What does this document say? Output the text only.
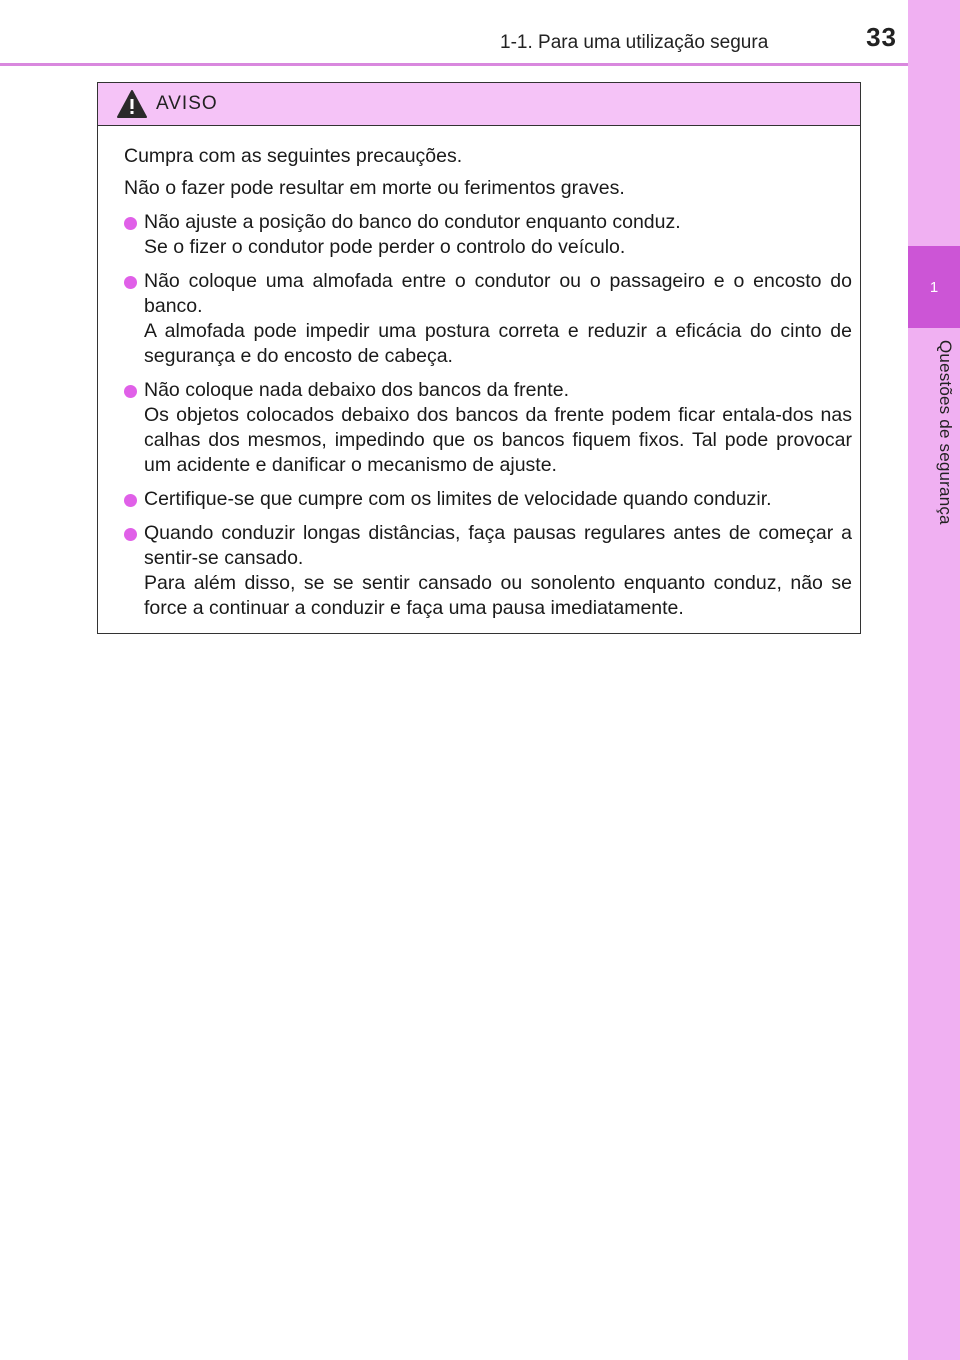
1
Questões de segurança
1-1. Para uma utilização segura	33
AVISO

Cumpra com as seguintes precauções.

Não o fazer pode resultar em morte ou ferimentos graves.

Não ajuste a posição do banco do condutor enquanto conduz.
Se o fizer o condutor pode perder o controlo do veículo.
Não coloque uma almofada entre o condutor ou o passageiro e o encosto do banco.
A almofada pode impedir uma postura correta e reduzir a eficácia do cinto de segurança e do encosto de cabeça.
Não coloque nada debaixo dos bancos da frente.
Os objetos colocados debaixo dos bancos da frente podem ficar entala-dos nas calhas dos mesmos, impedindo que os bancos fiquem fixos. Tal pode provocar um acidente e danificar o mecanismo de ajuste.
Certifique-se que cumpre com os limites de velocidade quando conduzir.
Quando conduzir longas distâncias, faça pausas regulares antes de começar a sentir-se cansado.
Para além disso, se se sentir cansado ou sonolento enquanto conduz, não se force a continuar a conduzir e faça uma pausa imediatamente.
